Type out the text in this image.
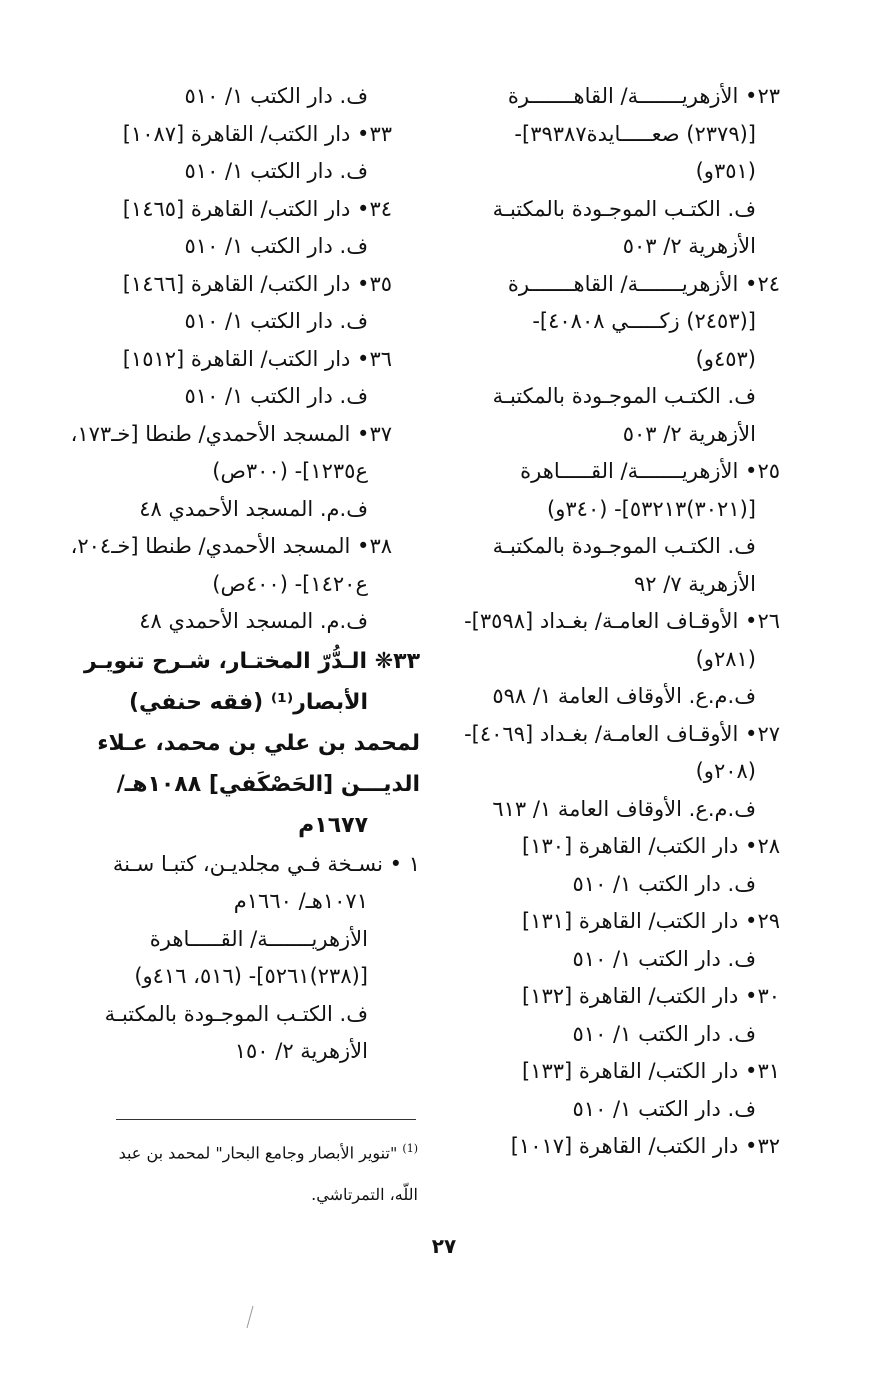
٢٣• الأزهريـــــــة/ القاهـــــــرة
[(٢٣٧٩) صعـــــايدة٣٩٣٨٧]-
(٣٥١و)
ف. الكتـب الموجـودة بالمكتبـة
الأزهرية ٢/ ٥٠٣
٢٤• الأزهريـــــــة/ القاهـــــــرة
[(٢٤٥٣) زكـــــي ٤٠٨٠٨]-
(٤٥٣و)
ف. الكتـب الموجـودة بالمكتبـة
الأزهرية ٢/ ٥٠٣
٢٥• الأزهريـــــــة/ القـــــاهرة
[(٣٠٢١)٥٣٢١٣]- (٣٤٠و)
ف. الكتـب الموجـودة بالمكتبـة
الأزهرية ٧/ ٩٢
٢٦• الأوقـاف العامـة/ بغـداد [٣٥٩٨]-
(٢٨١و)
ف.م.ع. الأوقاف العامة ١/ ٥٩٨
٢٧• الأوقـاف العامـة/ بغـداد [٤٠٦٩]-
(٢٠٨و)
ف.م.ع. الأوقاف العامة ١/ ٦١٣
٢٨• دار الكتب/ القاهرة [١٣٠]
ف. دار الكتب ١/ ٥١٠
٢٩• دار الكتب/ القاهرة [١٣١]
ف. دار الكتب ١/ ٥١٠
٣٠• دار الكتب/ القاهرة [١٣٢]
ف. دار الكتب ١/ ٥١٠
٣١• دار الكتب/ القاهرة [١٣٣]
ف. دار الكتب ١/ ٥١٠
٣٢• دار الكتب/ القاهرة [١٠١٧]
ف. دار الكتب ١/ ٥١٠
٣٣• دار الكتب/ القاهرة [١٠٨٧]
ف. دار الكتب ١/ ٥١٠
٣٤• دار الكتب/ القاهرة [١٤٦٥]
ف. دار الكتب ١/ ٥١٠
٣٥• دار الكتب/ القاهرة [١٤٦٦]
ف. دار الكتب ١/ ٥١٠
٣٦• دار الكتب/ القاهرة [١٥١٢]
ف. دار الكتب ١/ ٥١٠
٣٧• المسجد الأحمدي/ طنطا [خـ١٧٣،
ع١٢٣٥]- (٣٠٠ص)
ف.م. المسجد الأحمدي ٤٨
٣٨• المسجد الأحمدي/ طنطا [خـ٢٠٤،
ع١٤٢٠]- (٤٠٠ص)
ف.م. المسجد الأحمدي ٤٨
٣٣❋ الـدُّرّ المختـار، شـرح تنويـر
الأبصار⁽¹⁾ (فقه حنفي)
لمحمد بن علي بن محمد، عـلاء
الديـــن [الحَصْكَفي] ١٠٨٨هـ/
١٦٧٧م
١ • نسـخة فـي مجلديـن، كتبـا سـنة
١٠٧١هـ/ ١٦٦٠م
الأزهريـــــــة/ القـــــاهرة
[(٢٣٨)٥٢٦١]- (٥١٦، ٤١٦و)
ف. الكتـب الموجـودة بالمكتبـة
الأزهرية ٢/ ١٥٠
$^{(1)}$ "تنوير الأبصار وجامع البحار" لمحمد بن عبد
اللّه، التمرتاشي.
٢٧
